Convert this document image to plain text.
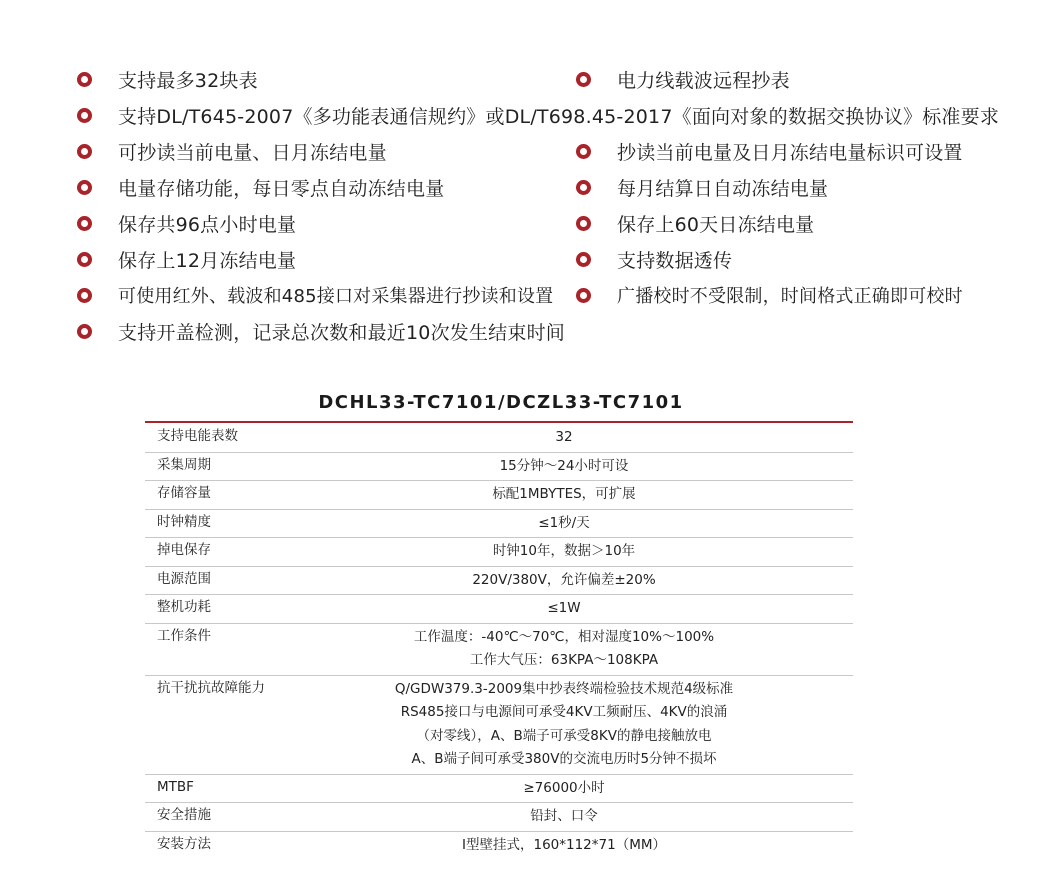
支持最多32块表
支持DL/T645-2007《多功能表通信规约》或DL/T698.45-2017《面向对象的数据交换协议》标准要求
可抄读当前电量、日月冻结电量
电量存储功能，每日零点自动冻结电量
保存共96点小时电量
保存上12月冻结电量
可使用红外、载波和485接口对采集器进行抄读和设置
支持开盖检测，记录总次数和最近10次发生结束时间
电力线载波远程抄表
抄读当前电量及日月冻结电量标识可设置
每月结算日自动冻结电量
保存上60天日冻结电量
支持数据透传
广播校时不受限制，时间格式正确即可校时
DCHL33-TC7101/DCZL33-TC7101
支持电能表数	32
采集周期	15分钟～24小时可设
存储容量	标配1MBYTES，可扩展
时钟精度	≤1秒/天
掉电保存	时钟10年，数据＞10年
电源范围	220V/380V，允许偏差±20%
整机功耗	≤1W
工作条件	工作温度：-40℃～70℃，相对湿度10%～100%
工作大气压：63KPA～108KPA
抗干扰抗故障能力	Q/GDW379.3-2009集中抄表终端检验技术规范4级标准
RS485接口与电源间可承受4KV工频耐压、4KV的浪涌
（对零线），A、B端子可承受8KV的静电接触放电
A、B端子间可承受380V的交流电历时5分钟不损坏
MTBF	≥76000小时
安全措施	铅封、口令
安装方法	Ⅰ型壁挂式，160*112*71（MM）
